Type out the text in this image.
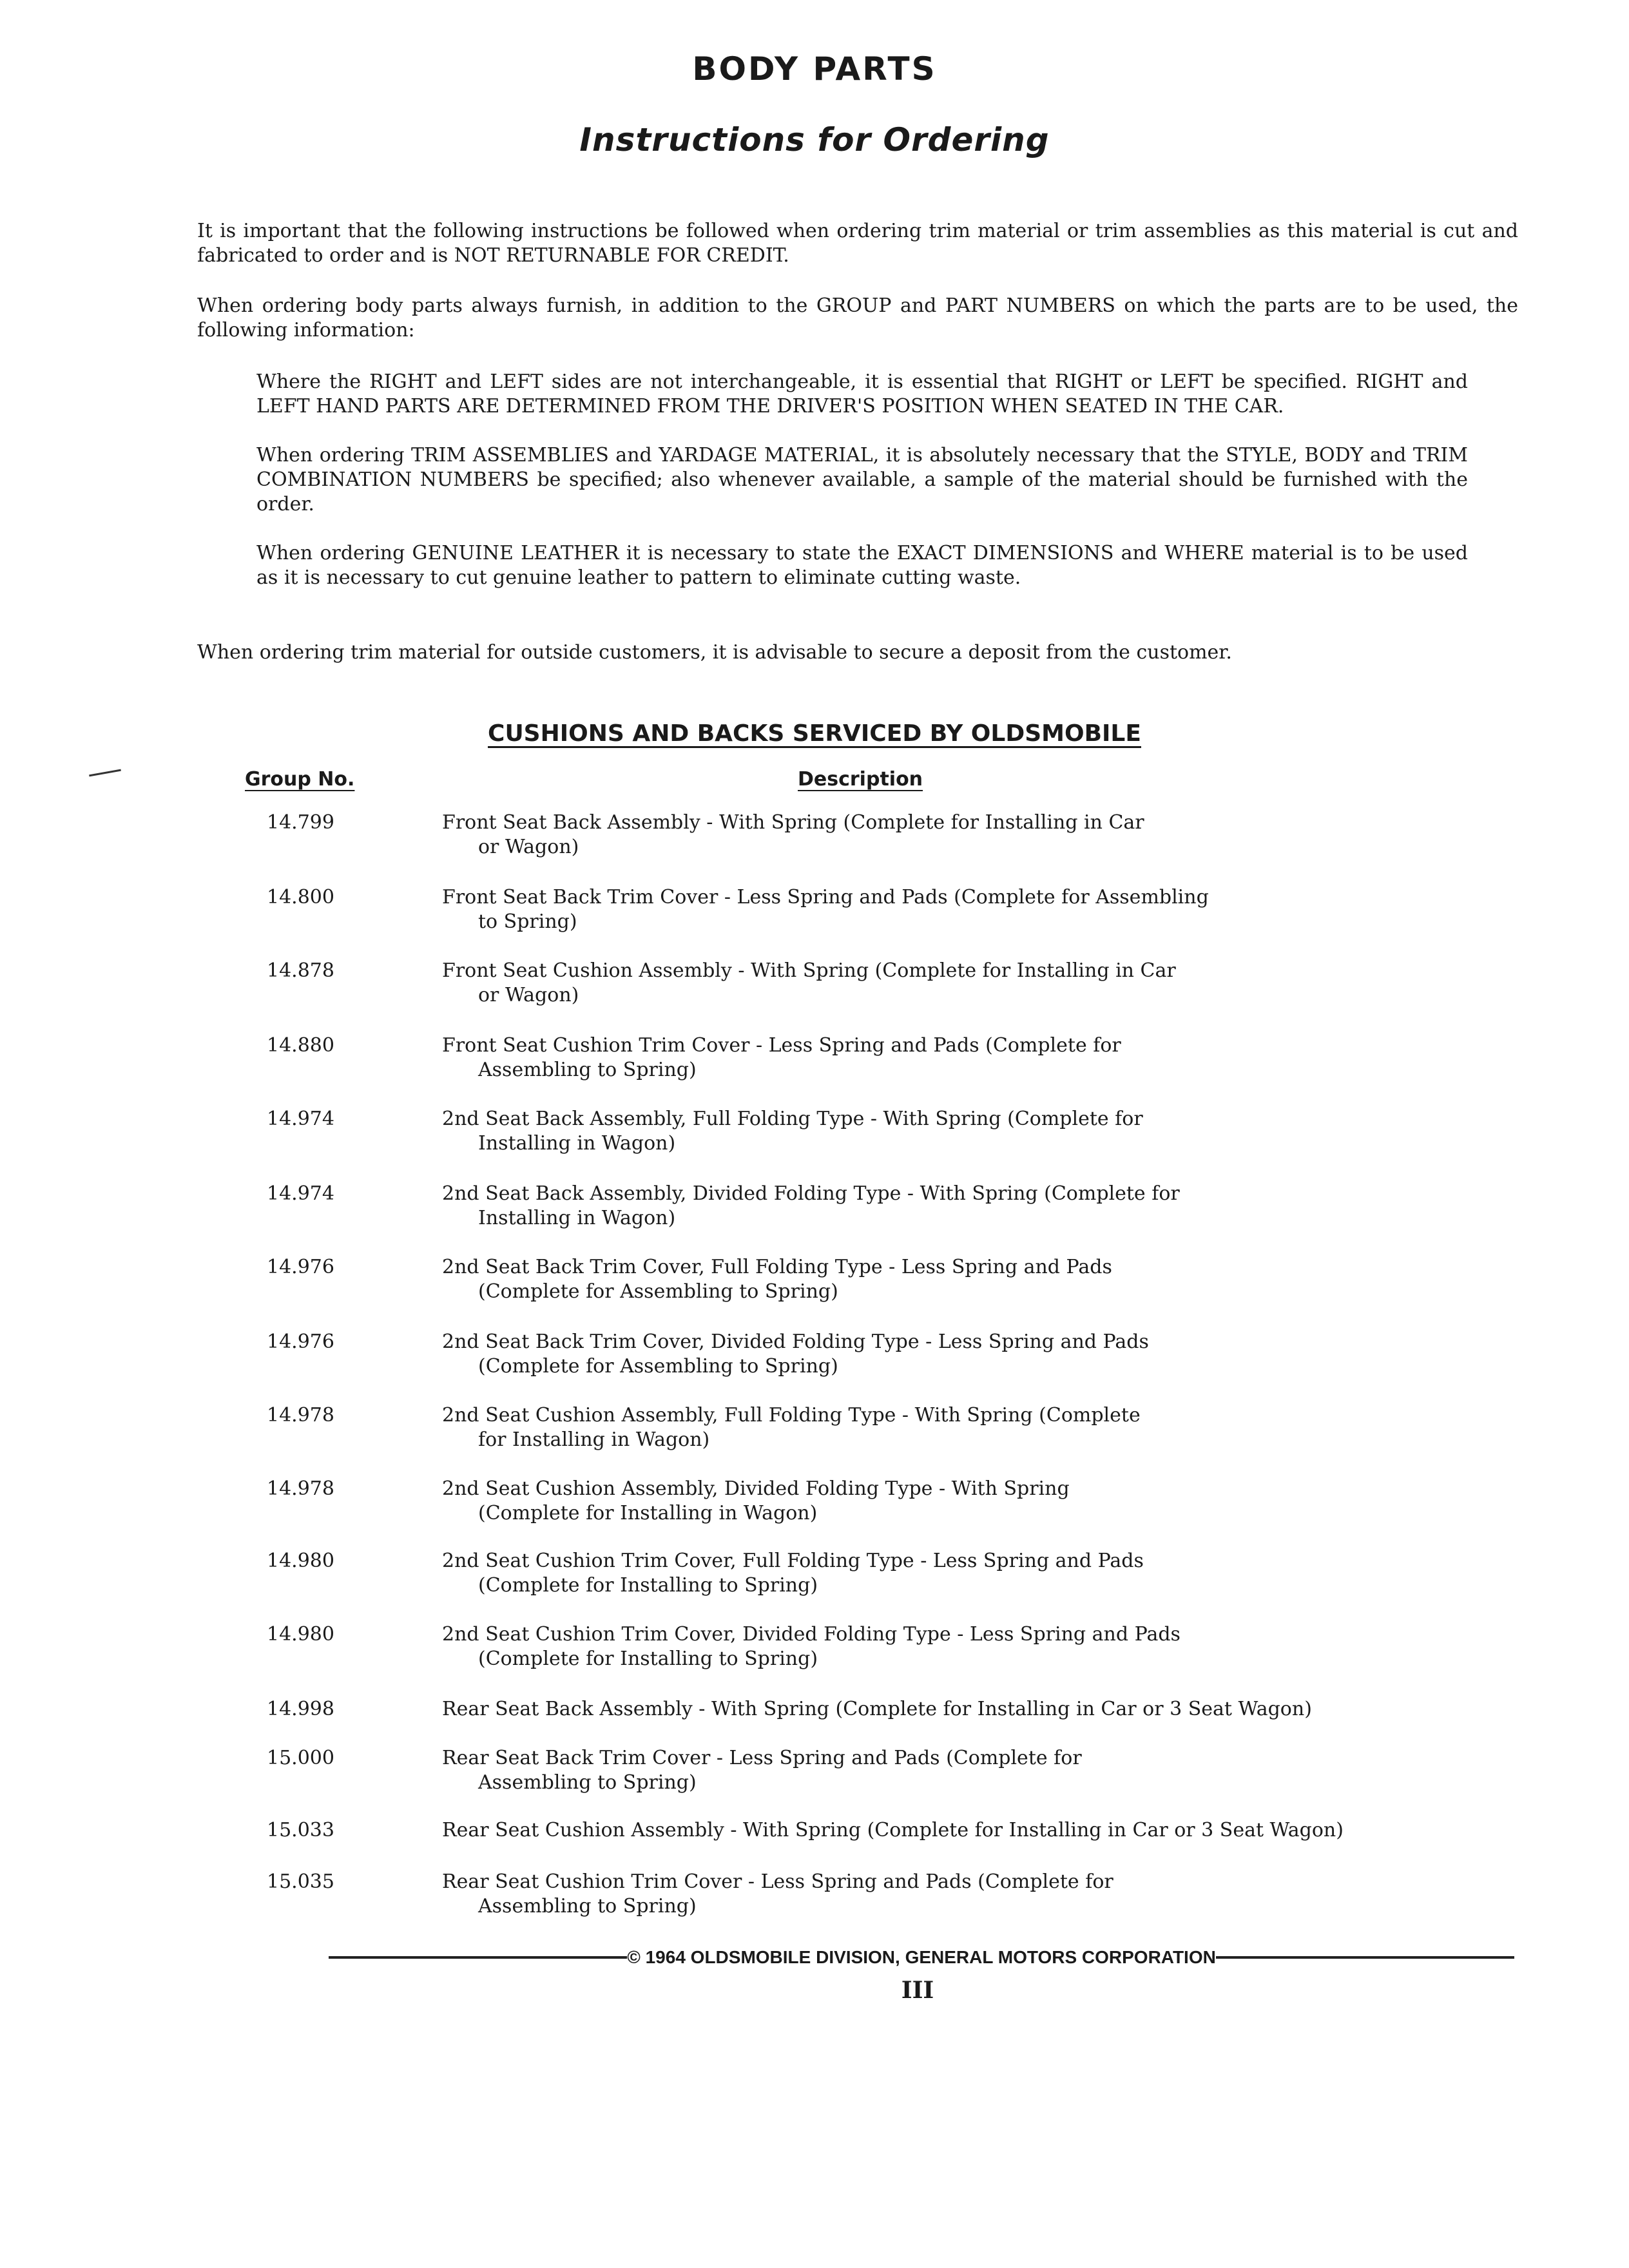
BODY PARTS
Instructions for Ordering

It is important that the following instructions be followed when ordering trim material or trim assemblies as this material is cut and fabricated to order and is NOT RETURNABLE FOR CREDIT.

When ordering body parts always furnish, in addition to the GROUP and PART NUMBERS on which the parts are to be used, the following information:

Where the RIGHT and LEFT sides are not interchangeable, it is essential that RIGHT or LEFT be specified. RIGHT and LEFT HAND PARTS ARE DETERMINED FROM THE DRIVER'S POSITION WHEN SEATED IN THE CAR.

When ordering TRIM ASSEMBLIES and YARDAGE MATERIAL, it is absolutely necessary that the STYLE, BODY and TRIM COMBINATION NUMBERS be specified; also whenever available, a sample of the material should be furnished with the order.

When ordering GENUINE LEATHER it is necessary to state the EXACT DIMENSIONS and WHERE material is to be used as it is necessary to cut genuine leather to pattern to eliminate cutting waste.

When ordering trim material for outside customers, it is advisable to secure a deposit from the customer.

CUSHIONS AND BACKS SERVICED BY OLDSMOBILE
Group No.	Description
14.799	Front Seat Back Assembly - With Spring (Complete for Installing in Car
or Wagon)
14.800	Front Seat Back Trim Cover - Less Spring and Pads (Complete for Assembling
to Spring)
14.878	Front Seat Cushion Assembly - With Spring (Complete for Installing in Car
or Wagon)
14.880	Front Seat Cushion Trim Cover - Less Spring and Pads (Complete for
Assembling to Spring)
14.974	2nd Seat Back Assembly, Full Folding Type - With Spring (Complete for
Installing in Wagon)
14.974	2nd Seat Back Assembly, Divided Folding Type - With Spring (Complete for
Installing in Wagon)
14.976	2nd Seat Back Trim Cover, Full Folding Type - Less Spring and Pads
(Complete for Assembling to Spring)
14.976	2nd Seat Back Trim Cover, Divided Folding Type - Less Spring and Pads
(Complete for Assembling to Spring)
14.978	2nd Seat Cushion Assembly, Full Folding Type - With Spring (Complete
for Installing in Wagon)
14.978	2nd Seat Cushion Assembly, Divided Folding Type - With Spring
(Complete for Installing in Wagon)
14.980	2nd Seat Cushion Trim Cover, Full Folding Type - Less Spring and Pads
(Complete for Installing to Spring)
14.980	2nd Seat Cushion Trim Cover, Divided Folding Type - Less Spring and Pads
(Complete for Installing to Spring)
14.998	Rear Seat Back Assembly - With Spring (Complete for Installing in Car or 3 Seat Wagon)
15.000	Rear Seat Back Trim Cover - Less Spring and Pads (Complete for
Assembling to Spring)
15.033	Rear Seat Cushion Assembly - With Spring (Complete for Installing in Car or 3 Seat Wagon)
15.035	Rear Seat Cushion Trim Cover - Less Spring and Pads (Complete for
Assembling to Spring)
© 1964 OLDSMOBILE DIVISION, GENERAL MOTORS CORPORATION
III
